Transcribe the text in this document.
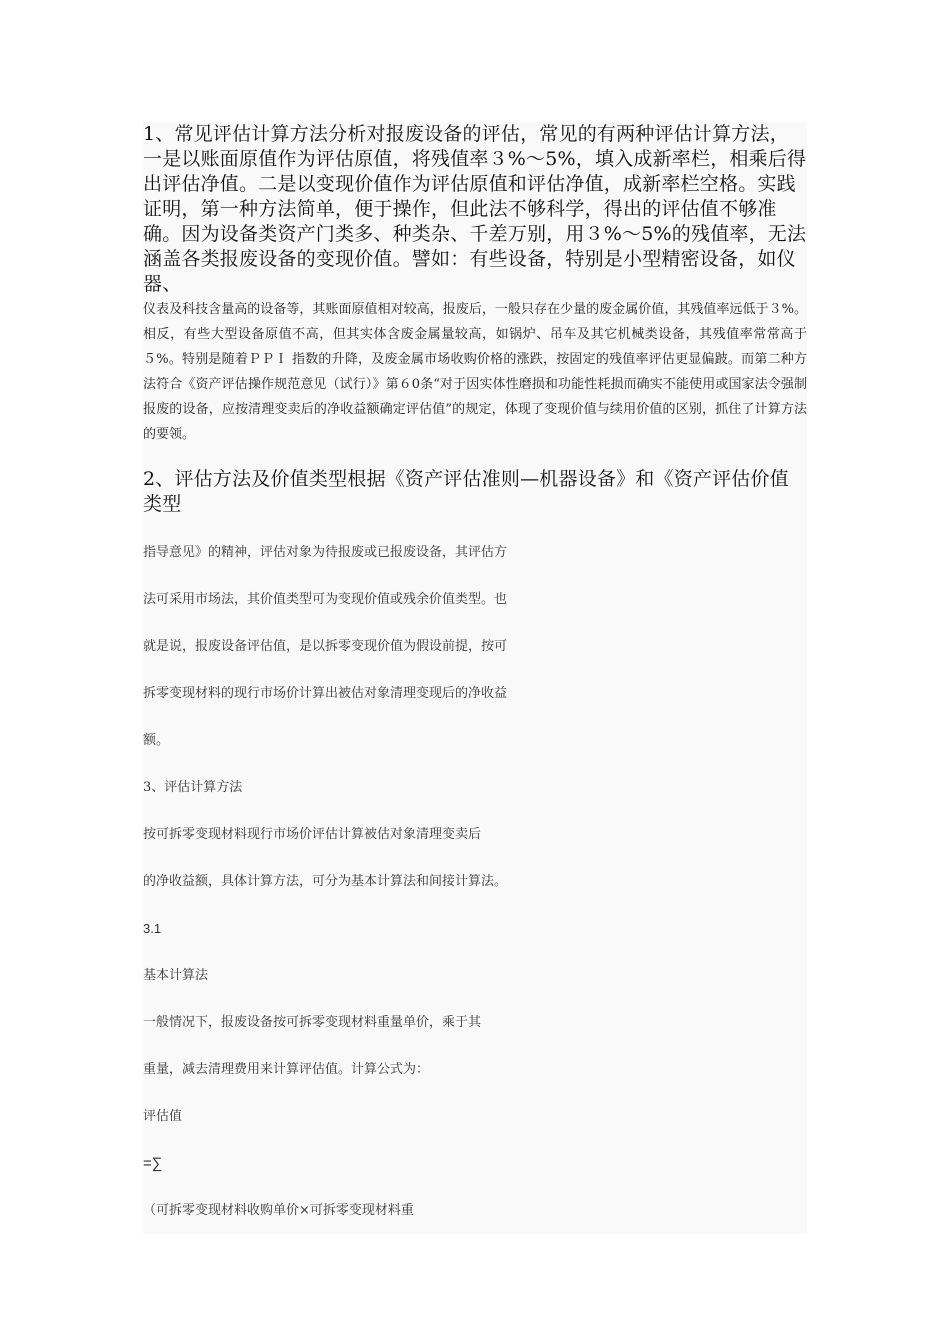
1、常见评估计算方法分析对报废设备的评估，常见的有两种评估计算方法，一是以账面原值作为评估原值，将残值率３%～5%，填入成新率栏，相乘后得出评估净值。二是以变现价值作为评估原值和评估净值，成新率栏空格。实践证明，第一种方法简单，便于操作，但此法不够科学，得出的评估值不够准确。因为设备类资产门类多、种类杂、千差万别，用３%～5%的残值率，无法涵盖各类报废设备的变现价值。譬如：有些设备，特别是小型精密设备，如仪器、

仪表及科技含量高的设备等，其账面原值相对较高，报废后，一般只存在少量的废金属价值，其残值率远低于３%。相反，有些大型设备原值不高，但其实体含废金属量较高，如锅炉、吊车及其它机械类设备，其残值率常常高于５%。特别是随着ＰＰＩ 指数的升降，及废金属市场收购价格的涨跌，按固定的残值率评估更显偏跛。而第二种方法符合《资产评估操作规范意见（试行）》第６0条“对于因实体性磨损和功能性耗损而确实不能使用或国家法令强制报废的设备，应按清理变卖后的净收益额确定评估值”的规定，体现了变现价值与续用价值的区别，抓住了计算方法的要领。

2、评估方法及价值类型根据《资产评估准则—机器设备》和《资产评估价值类型

指导意见》的精神，评估对象为待报废或已报废设备，其评估方

法可采用市场法，其价值类型可为变现价值或残余价值类型。也

就是说，报废设备评估值，是以拆零变现价值为假设前提，按可

拆零变现材料的现行市场价计算出被估对象清理变现后的净收益

额。

3、评估计算方法

按可拆零变现材料现行市场价评估计算被估对象清理变卖后

的净收益额，具体计算方法，可分为基本计算法和间接计算法。

3.1

基本计算法

一般情况下，报废设备按可拆零变现材料重量单价，乘于其

重量，减去清理费用来计算评估值。计算公式为：

评估值

=∑

（可拆零变现材料收购单价×可拆零变现材料重
